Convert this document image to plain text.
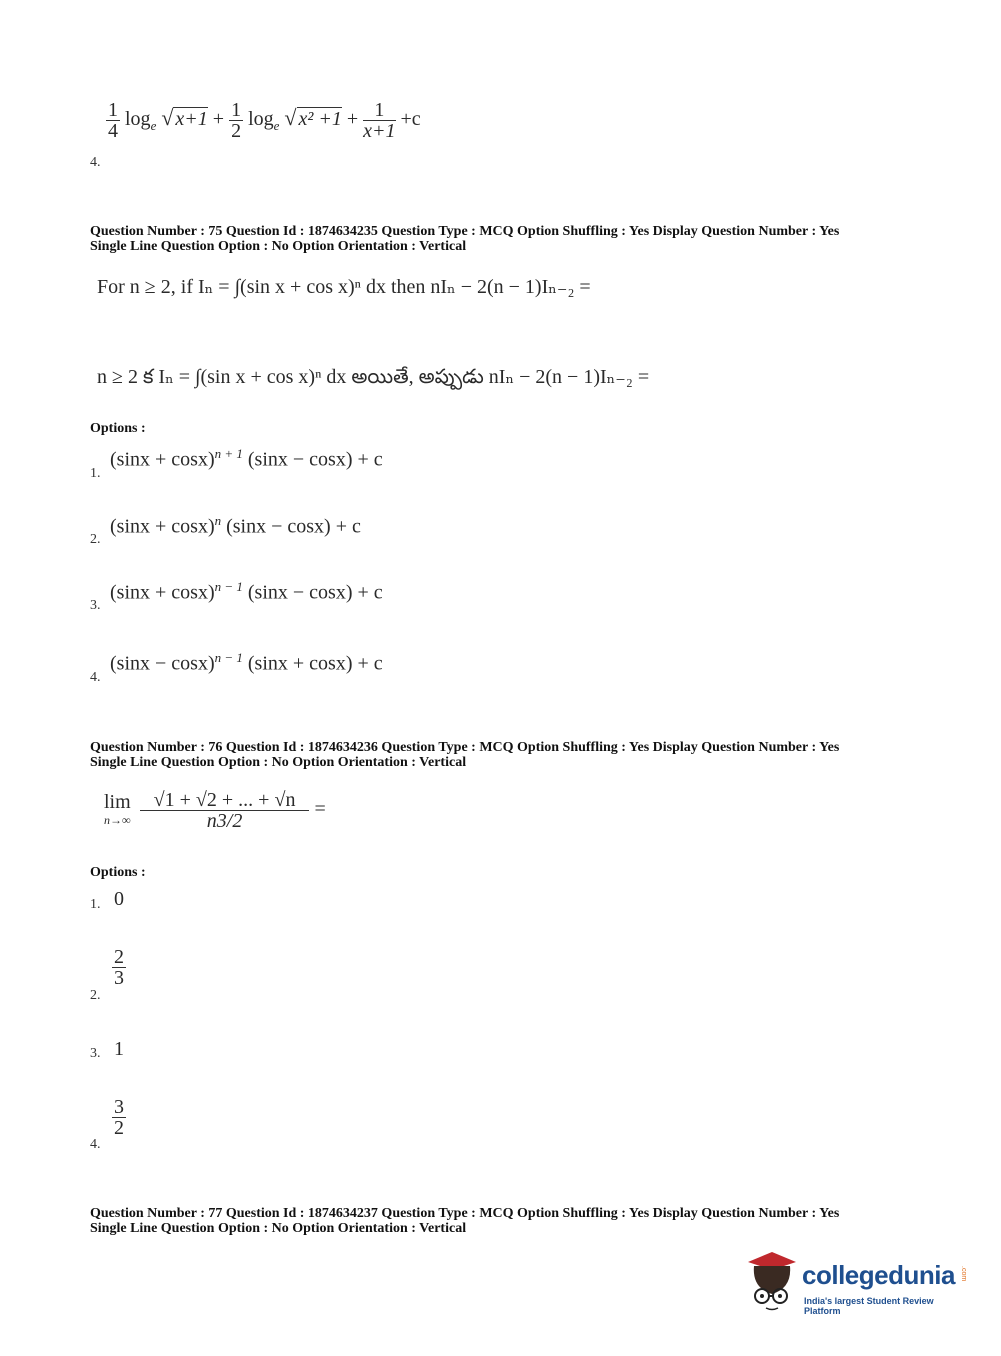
$\frac{1}{4} \log_e$ √ $x+1 + \frac{1}{2} \log_e$ √ $x^2 +1 + \frac{1}{x+1} +c$
4.
Question Number : 75 Question Id : 1874634235 Question Type : MCQ Option Shuffling : Yes Display Question Number : Yes
Single Line Question Option : No Option Orientation : Vertical
For n ≥ 2, if Iₙ = ∫(sin x + cos x)ⁿ dx then nIₙ − 2(n − 1)Iₙ₋₂ =
n ≥ 2 క Iₙ = ∫(sin x + cos x)ⁿ dx అయితే, అప్పుడు nIₙ − 2(n − 1)Iₙ₋₂ =
Options :
1.
$(\sin x + \cos x)^{n + 1}$ (sinx − cosx) + c
2.
$(\sin x + \cos x)^n$ (sinx − cosx) + c
3.
$(\sin x + \cos x)^{n - 1}$ (sinx − cosx) + c
4.
$(\sin x - \cos x)^{n - 1}$ (sinx + cosx) + c
Question Number : 76 Question Id : 1874634236 Question Type : MCQ Option Shuffling : Yes Display Question Number : Yes
Single Line Question Option : No Option Orientation : Vertical
lim
n→∞
$\frac{√1 + √2 + ... + √n}{n3/2}$ =
Options :
1. 0
2.
$\frac{2}{3}$
3. 1
4.
$\frac{3}{2}$
Question Number : 77 Question Id : 1874634237 Question Type : MCQ Option Shuffling : Yes Display Question Number : Yes
Single Line Question Option : No Option Orientation : Vertical
collegedunia .com
India's largest Student Review Platform
